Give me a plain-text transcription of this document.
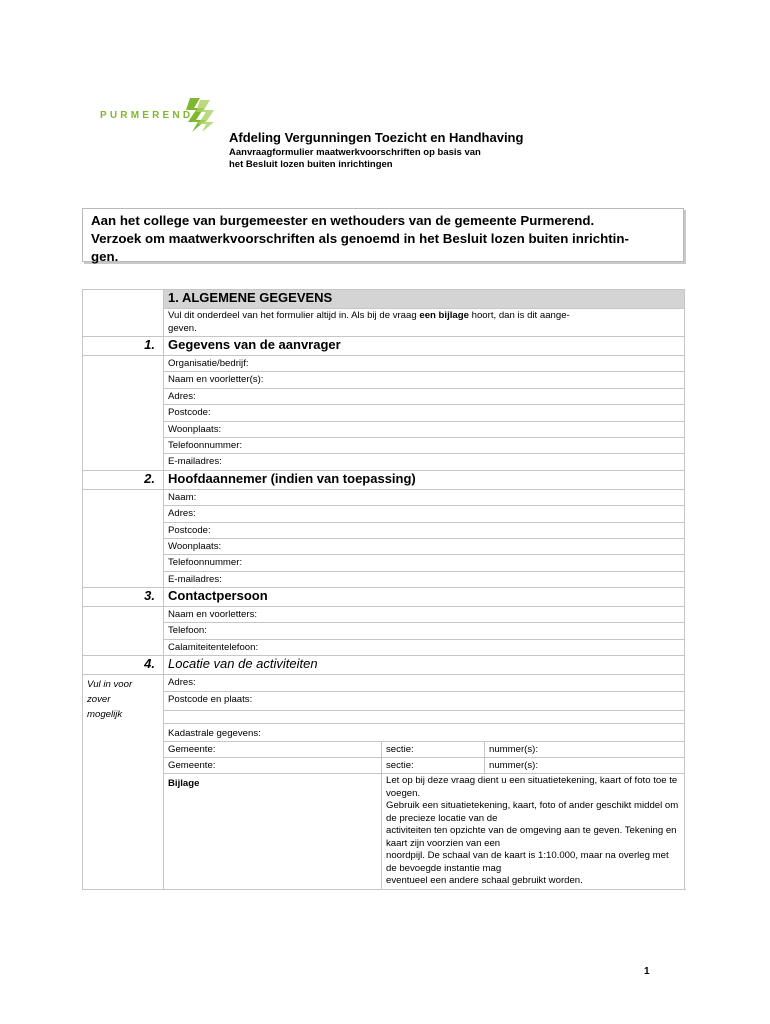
PURMEREND
Afdeling Vergunningen Toezicht en Handhaving
Aanvraagformulier maatwerkvoorschriften op basis van
het Besluit lozen buiten inrichtingen
Aan het college van burgemeester en wethouders van de gemeente Purmerend.
Verzoek om maatwerkvoorschriften als genoemd in het Besluit lozen buiten inrichtin-
gen.
	1. ALGEMENE GEGEVENS		
	Vul dit onderdeel van het formulier altijd in. Als bij de vraag een bijlage hoort, dan is dit aange-
geven.		
1.	Gegevens van de aanvrager		
	Organisatie/bedrijf:		
	Naam en voorletter(s):		
	Adres:		
	Postcode:		
	Woonplaats:		
	Telefoonnummer:		
	E-mailadres:		
2.	Hoofdaannemer (indien van toepassing)		
	Naam:		
	Adres:		
	Postcode:		
	Woonplaats:		
	Telefoonnummer:		
	E-mailadres:		
3.	Contactpersoon		
	Naam en voorletters:		
	Telefoon:		
	Calamiteitentelefoon:		
4.	Locatie van de activiteiten		
Vul in voor
zover
mogelijk	Adres:		
	Postcode en plaats:		

	Kadastrale gegevens:		
	Gemeente:	sectie:	nummer(s):
	Gemeente:	sectie:	nummer(s):
	Bijlage	Let op bij deze vraag dient u een situatietekening, kaart of foto toe te voegen.
Gebruik een situatietekening, kaart, foto of ander geschikt middel om de precieze locatie van de
activiteiten ten opzichte van de omgeving aan te geven. Tekening en kaart zijn voorzien van een
noordpijl. De schaal van de kaart is 1:10.000, maar na overleg met de bevoegde instantie mag
eventueel een andere schaal gebruikt worden.	
1
